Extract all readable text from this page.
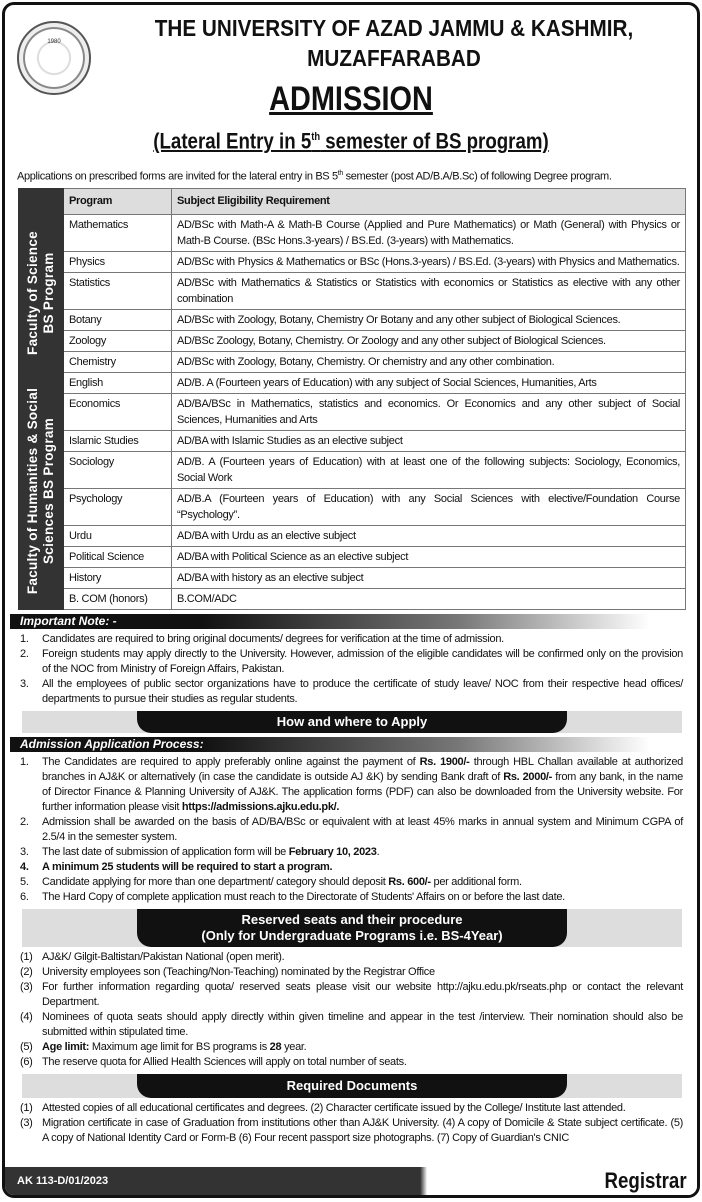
1980
THE UNIVERSITY OF AZAD JAMMU & KASHMIR,
MUZAFFARABAD
ADMISSION
(Lateral Entry in 5th semester of BS program)
Applications on prescribed forms are invited for the lateral entry in BS 5th semester (post AD/B.A/B.Sc) of following Degree program.
	Program	Subject Eligibility Requirement

Faculty of Science BS Program	Mathematics	AD/BSc with Math-A & Math-B Course (Applied and Pure Mathematics) or Math (General) with Physics or Math-B Course. (BSc Hons.3-years) / BS.Ed. (3-years) with Mathematics.
	Physics	AD/BSc with Physics & Mathematics or BSc (Hons.3-years) / BS.Ed. (3-years) with Physics and Mathematics.
	Statistics	AD/BSc with Mathematics & Statistics or Statistics with economics or Statistics as elective with any other combination
	Botany	AD/BSc with Zoology, Botany, Chemistry Or Botany and any other subject of Biological Sciences.
	Zoology	AD/BSc Zoology, Botany, Chemistry. Or Zoology and any other subject of Biological Sciences.
	Chemistry	AD/BSc with Zoology, Botany, Chemistry. Or chemistry and any other combination.

Faculty of Humanities & Social Sciences BS Program	English	AD/B. A (Fourteen years of Education) with any subject of Social Sciences, Humanities, Arts
	Economics	AD/BA/BSc in Mathematics, statistics and economics. Or Economics and any other subject of Social Sciences, Humanities and Arts
	Islamic Studies	AD/BA with Islamic Studies as an elective subject
	Sociology	AD/B. A (Fourteen years of Education) with at least one of the following subjects: Sociology, Economics, Social Work
	Psychology	AD/B.A (Fourteen years of Education) with any Social Sciences with elective/Foundation Course “Psychology”.
	Urdu	AD/BA with Urdu as an elective subject
	Political Science	AD/BA with Political Science as an elective subject
	History	AD/BA with history as an elective subject
	B. COM (honors)	B.COM/ADC
Important Note: -
1.	Candidates are required to bring original documents/ degrees for verification at the time of admission.
2.	Foreign students may apply directly to the University. However, admission of the eligible candidates will be confirmed only on the provision of the NOC from Ministry of Foreign Affairs, Pakistan.
3.	All the employees of public sector organizations have to produce the certificate of study leave/ NOC from their respective head offices/ departments to pursue their studies as regular students.
How and where to Apply
Admission Application Process:
1.	The Candidates are required to apply preferably online against the payment of Rs. 1900/- through HBL Challan available at authorized branches in AJ&K or alternatively (in case the candidate is outside AJ &K) by sending Bank draft of Rs. 2000/- from any bank, in the name of Director Finance & Planning University of AJ&K. The application forms (PDF) can also be downloaded from the University website. For further information please visit https://admissions.ajku.edu.pk/.
2.	Admission shall be awarded on the basis of AD/BA/BSc or equivalent with at least 45% marks in annual system and Minimum CGPA of 2.5/4 in the semester system.
3.	The last date of submission of application form will be February 10, 2023.
4.	A minimum 25 students will be required to start a program.
5.	Candidate applying for more than one department/ category should deposit Rs. 600/- per additional form.
6.	The Hard Copy of complete application must reach to the Directorate of Students' Affairs on or before the last date.
Reserved seats and their procedure
(Only for Undergraduate Programs i.e. BS-4Year)
(1) AJ&K/ Gilgit-Baltistan/Pakistan National (open merit).
(2) University employees son (Teaching/Non-Teaching) nominated by the Registrar Office
(3) For further information regarding quota/ reserved seats please visit our website http://ajku.edu.pk/rseats.php or contact the relevant Department.
(4) Nominees of quota seats should apply directly within given timeline and appear in the test /interview. Their nomination should also be submitted within stipulated time.
(5) Age limit: Maximum age limit for BS programs is 28 year.
(6) The reserve quota for Allied Health Sciences will apply on total number of seats.
Required Documents
(1) Attested copies of all educational certificates and degrees. (2) Character certificate issued by the College/ Institute last attended.
(3) Migration certificate in case of Graduation from institutions other than AJ&K University. (4) A copy of Domicile & State subject certificate. (5) A copy of National Identity Card or Form-B (6) Four recent passport size photographs. (7) Copy of Guardian's CNIC
AK 113-D/01/2023	Registrar
